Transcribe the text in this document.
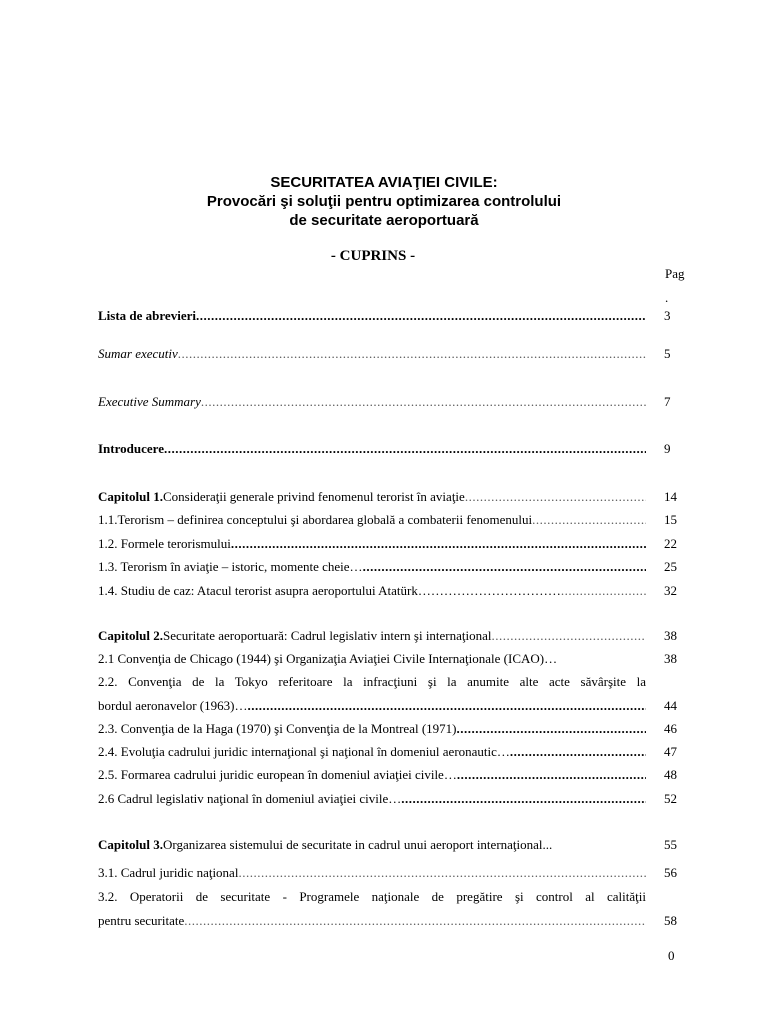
SECURITATEA AVIAŢIEI CIVILE:
Provocări şi soluţii pentru optimizarea controlului
de securitate aeroportuară
- CUPRINS -
Pag
.
Lista de abrevieri .....	3
Sumar executiv .....	5
Executive Summary .....	7
Introducere .....	9
Capitolul 1. Consideraţii generale privind fenomenul terorist în aviaţie .....	14
1.1.Terorism – definirea conceptului şi abordarea globală a combaterii fenomenului .....	15
1.2. Formele terorismului .....	22
1.3. Terorism în aviaţie – istoric, momente cheie… .....	25
1.4. Studiu de caz: Atacul terorist asupra aeroportului Atatürk…………………………… .....	32
Capitolul 2. Securitate aeroportuară: Cadrul legislativ intern şi internaţional .....	38
2.1 Convenţia de Chicago (1944) şi Organizaţia Aviaţiei Civile Internaţionale (ICAO)…	38
2.2. Convenţia de la Tokyo referitoare la infracţiuni şi la anumite alte acte săvârşite la
bordul aeronavelor (1963)… .....	44
2.3. Convenţia de la Haga (1970) şi Convenţia de la Montreal (1971) .....	46
2.4. Evoluţia cadrului juridic internaţional şi naţional în domeniul aeronautic… .....	47
2.5. Formarea cadrului juridic european în domeniul aviaţiei civile… .....	48
2.6 Cadrul legislativ naţional în domeniul aviaţiei civile… .....	52
Capitolul 3. Organizarea sistemului de securitate in cadrul unui aeroport internaţional ...	55
3.1. Cadrul juridic naţional .....	56
3.2. Operatorii de securitate - Programele naţionale de pregătire şi control al calităţii
pentru securitate .....	58
0
